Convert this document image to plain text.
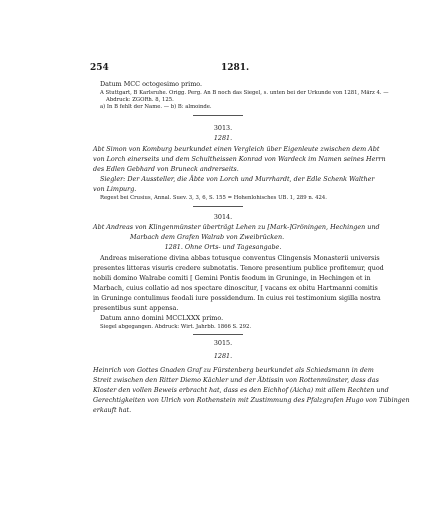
254	1281.
Datum MCC octogesimo primo.
A Stuttgart, B Karlsruhe. Origg. Perg. An B noch das Siegel, s. unten bei der Urkunde von 1281, März 4. —
Abdruck: ZGORh. 8, 125.
a) In B fehlt der Name. — b) B: almoinde.
3013.
1281.
Abt Simon von Komburg beurkundet einen Vergleich über Eigenleute zwischen dem Abt
von Lorch einerseits und dem Schultheissen Konrad von Wardeck im Namen seines Herrn
des Edlen Gebhard von Bruneck andrerseits.
Siegler: Der Aussteller, die Äbte von Lorch und Murrhardt, der Edle Schenk Walther
von Limpurg.
Regest bei Crusius, Annal. Suev. 3, 3, 6, S. 155 = Hohenlohisches UB. 1, 289 n. 424.
3014.
Abt Andreas von Klingenmünster überträgt Lehen zu [Mark-]Gröningen, Hechingen und
Marbach dem Grafen Walrab von Zweibrücken.
1281. Ohne Orts- und Tagesangabe.
Andreas miseratione divina abbas totusque conventus Clingensis Monasterii universis
presentes litteras visuris credere subnotatis. Tenore presentium publice profitemur, quod
nobili domino Walrabe comiti [ Gemini Pontis feodum in Gruninge, in Hechingen et in
Marbach, cuius collatio ad nos spectare dinoscitur, [ vacans ex obitu Hartmanni comitis
in Gruninge contulimus feodali iure possidendum. In cuius rei testimonium sigilla nostra
presentibus sunt appensa.
Datum anno domini MCCLXXX primo.
Siegel abgegangen. Abdruck: Wirt. Jahrbb. 1866 S. 292.
3015.
1281.
Heinrich von Gottes Gnaden Graf zu Fürstenberg beurkundet als Schiedsmann in dem
Streit zwischen den Ritter Diemo Kächler und der Äbtissin von Rottenmünster, dass das
Kloster den vollen Beweis erbracht hat, dass es den Eichhof (Aicha) mit allem Rechten und
Gerechtigkeiten von Ulrich von Rothenstein mit Zustimmung des Pfalzgrafen Hugo von Tübingen
erkauft hat.
